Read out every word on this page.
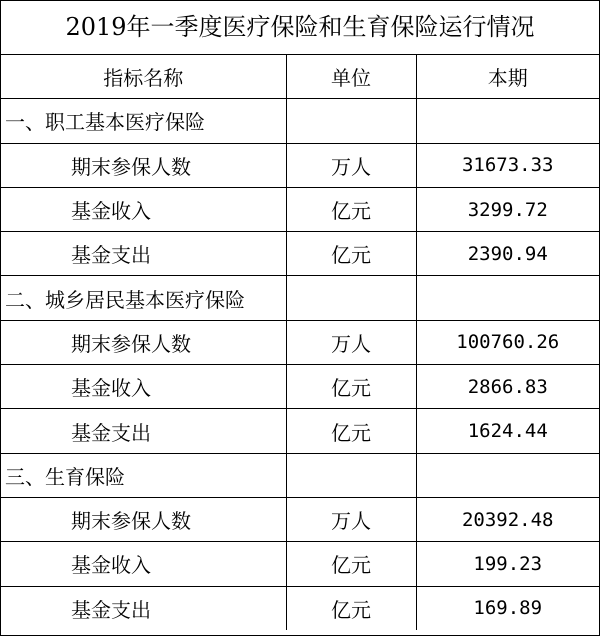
2019年一季度医疗保险和生育保险运行情况
指标名称	单位	本期
一、职工基本医疗保险		
期末参保人数	万人	31673.33
基金收入	亿元	3299.72
基金支出	亿元	2390.94
二、城乡居民基本医疗保险		
期末参保人数	万人	100760.26
基金收入	亿元	2866.83
基金支出	亿元	1624.44
三、生育保险		
期末参保人数	万人	20392.48
基金收入	亿元	199.23
基金支出	亿元	169.89
